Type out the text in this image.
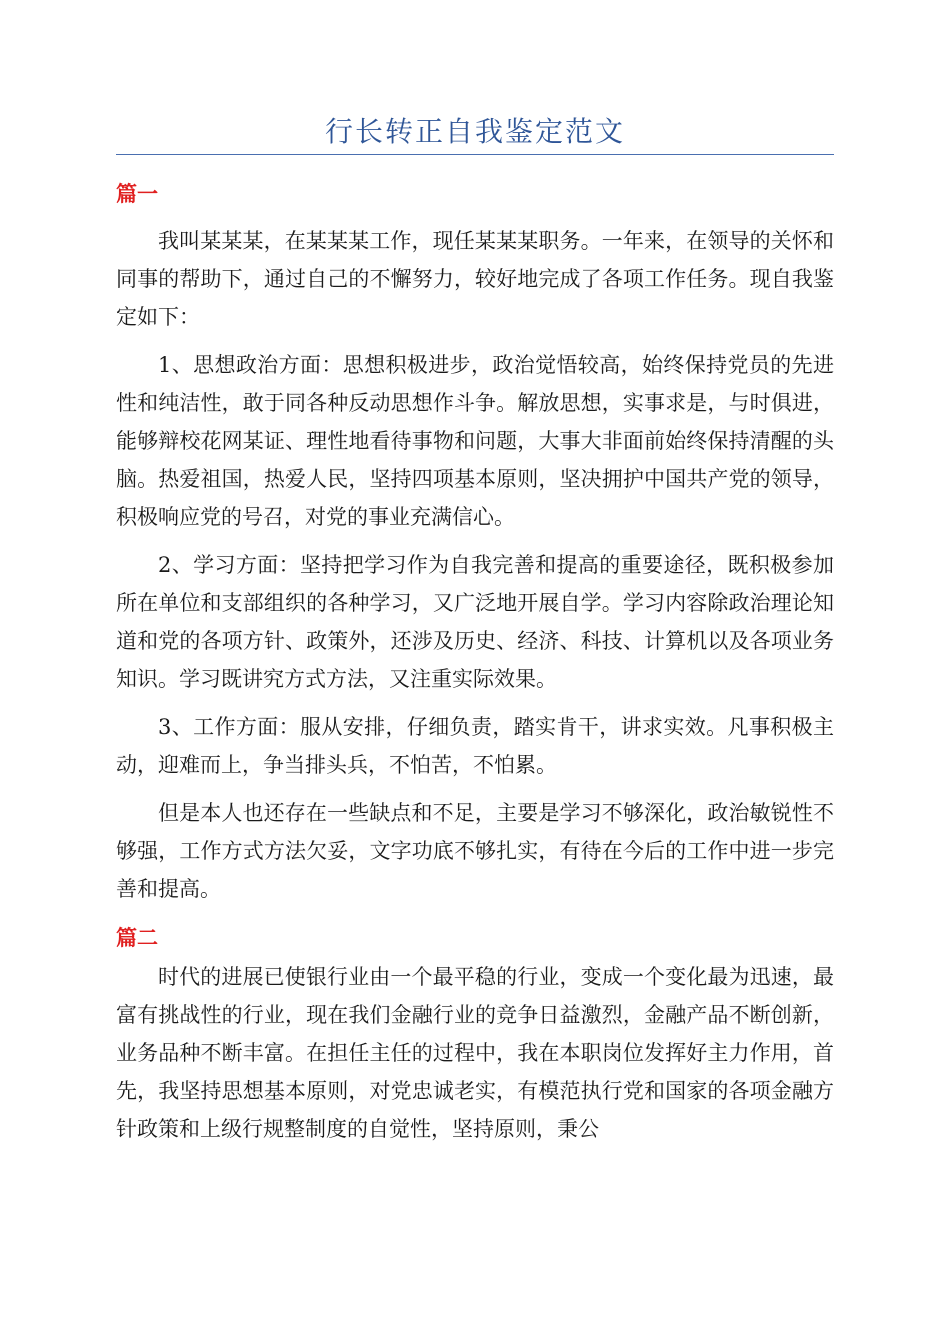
行长转正自我鉴定范文
篇一

我叫某某某，在某某某工作，现任某某某职务。一年来，在领导的关怀和同事的帮助下，通过自己的不懈努力，较好地完成了各项工作任务。现自我鉴定如下：

1、思想政治方面：思想积极进步，政治觉悟较高，始终保持党员的先进性和纯洁性，敢于同各种反动思想作斗争。解放思想，实事求是，与时俱进，能够辩校花网某证、理性地看待事物和问题，大事大非面前始终保持清醒的头脑。热爱祖国，热爱人民，坚持四项基本原则，坚决拥护中国共产党的领导，积极响应党的号召，对党的事业充满信心。

2、学习方面：坚持把学习作为自我完善和提高的重要途径，既积极参加所在单位和支部组织的各种学习，又广泛地开展自学。学习内容除政治理论知道和党的各项方针、政策外，还涉及历史、经济、科技、计算机以及各项业务知识。学习既讲究方式方法，又注重实际效果。

3、工作方面：服从安排，仔细负责，踏实肯干，讲求实效。凡事积极主动，迎难而上，争当排头兵，不怕苦，不怕累。

但是本人也还存在一些缺点和不足，主要是学习不够深化，政治敏锐性不够强，工作方式方法欠妥，文字功底不够扎实，有待在今后的工作中进一步完善和提高。

篇二

时代的进展已使银行业由一个最平稳的行业，变成一个变化最为迅速，最富有挑战性的行业，现在我们金融行业的竞争日益激烈，金融产品不断创新，业务品种不断丰富。在担任主任的过程中，我在本职岗位发挥好主力作用，首先，我坚持思想基本原则，对党忠诚老实，有模范执行党和国家的各项金融方针政策和上级行规整制度的自觉性，坚持原则，秉公
